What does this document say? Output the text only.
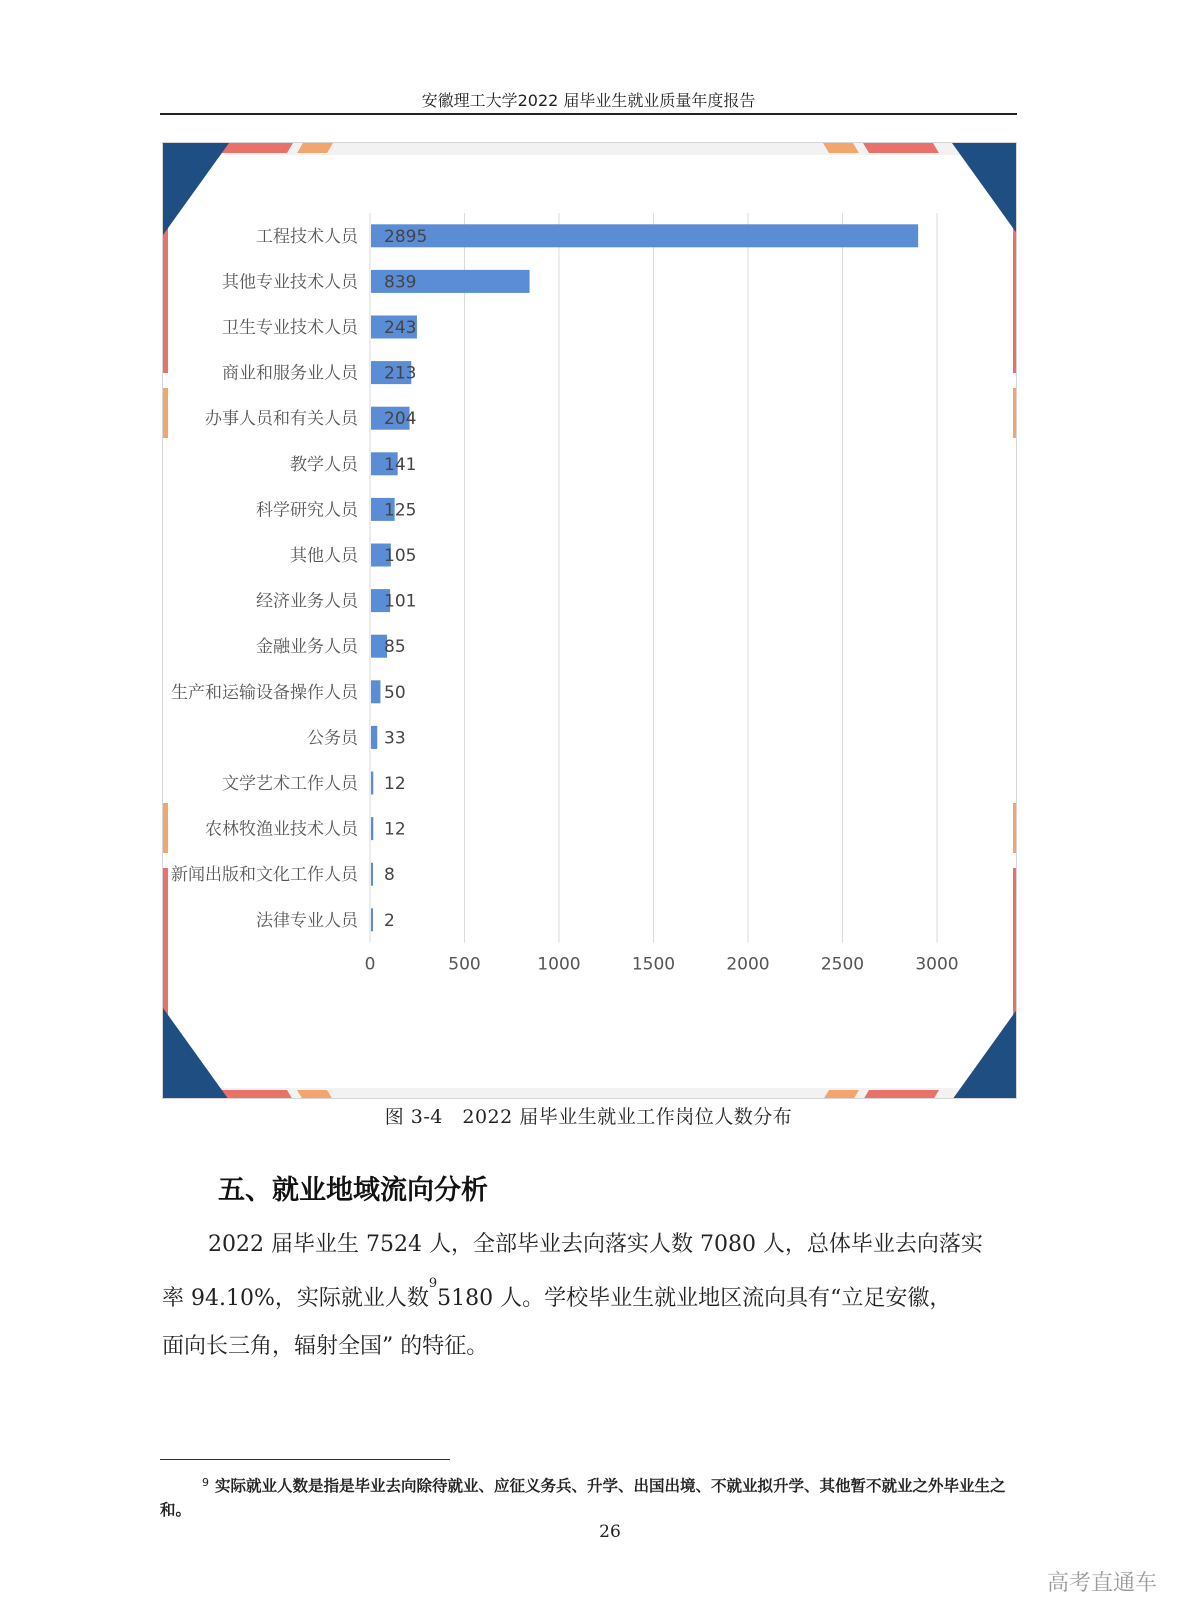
安徽理工大学2022 届毕业生就业质量年度报告
0	500	1000	1500	2000	2500	3000
工程技术人员 2895
其他专业技术人员 839
卫生专业技术人员 243
商业和服务业人员 213
办事人员和有关人员 204
教学人员 141
科学研究人员 125
其他人员 105
经济业务人员 101
金融业务人员 85
生产和运输设备操作人员 50
公务员 33
文学艺术工作人员 12
农林牧渔业技术人员 12
新闻出版和文化工作人员 8
法律专业人员 2
图 3-4　2022 届毕业生就业工作岗位人数分布
五、就业地域流向分析
2022 届毕业生 7524 人，全部毕业去向落实人数 7080 人，总体毕业去向落实
率 94.10%，实际就业人数$^9$5180 人。学校毕业生就业地区流向具有“立足安徽，
面向长三角，辐射全国” 的特征。
$^9$ 实际就业人数是指是毕业去向除待就业、应征义务兵、升学、出国出境、不就业拟升学、其他暂不就业之外毕业生之和。
26
高考直通车
